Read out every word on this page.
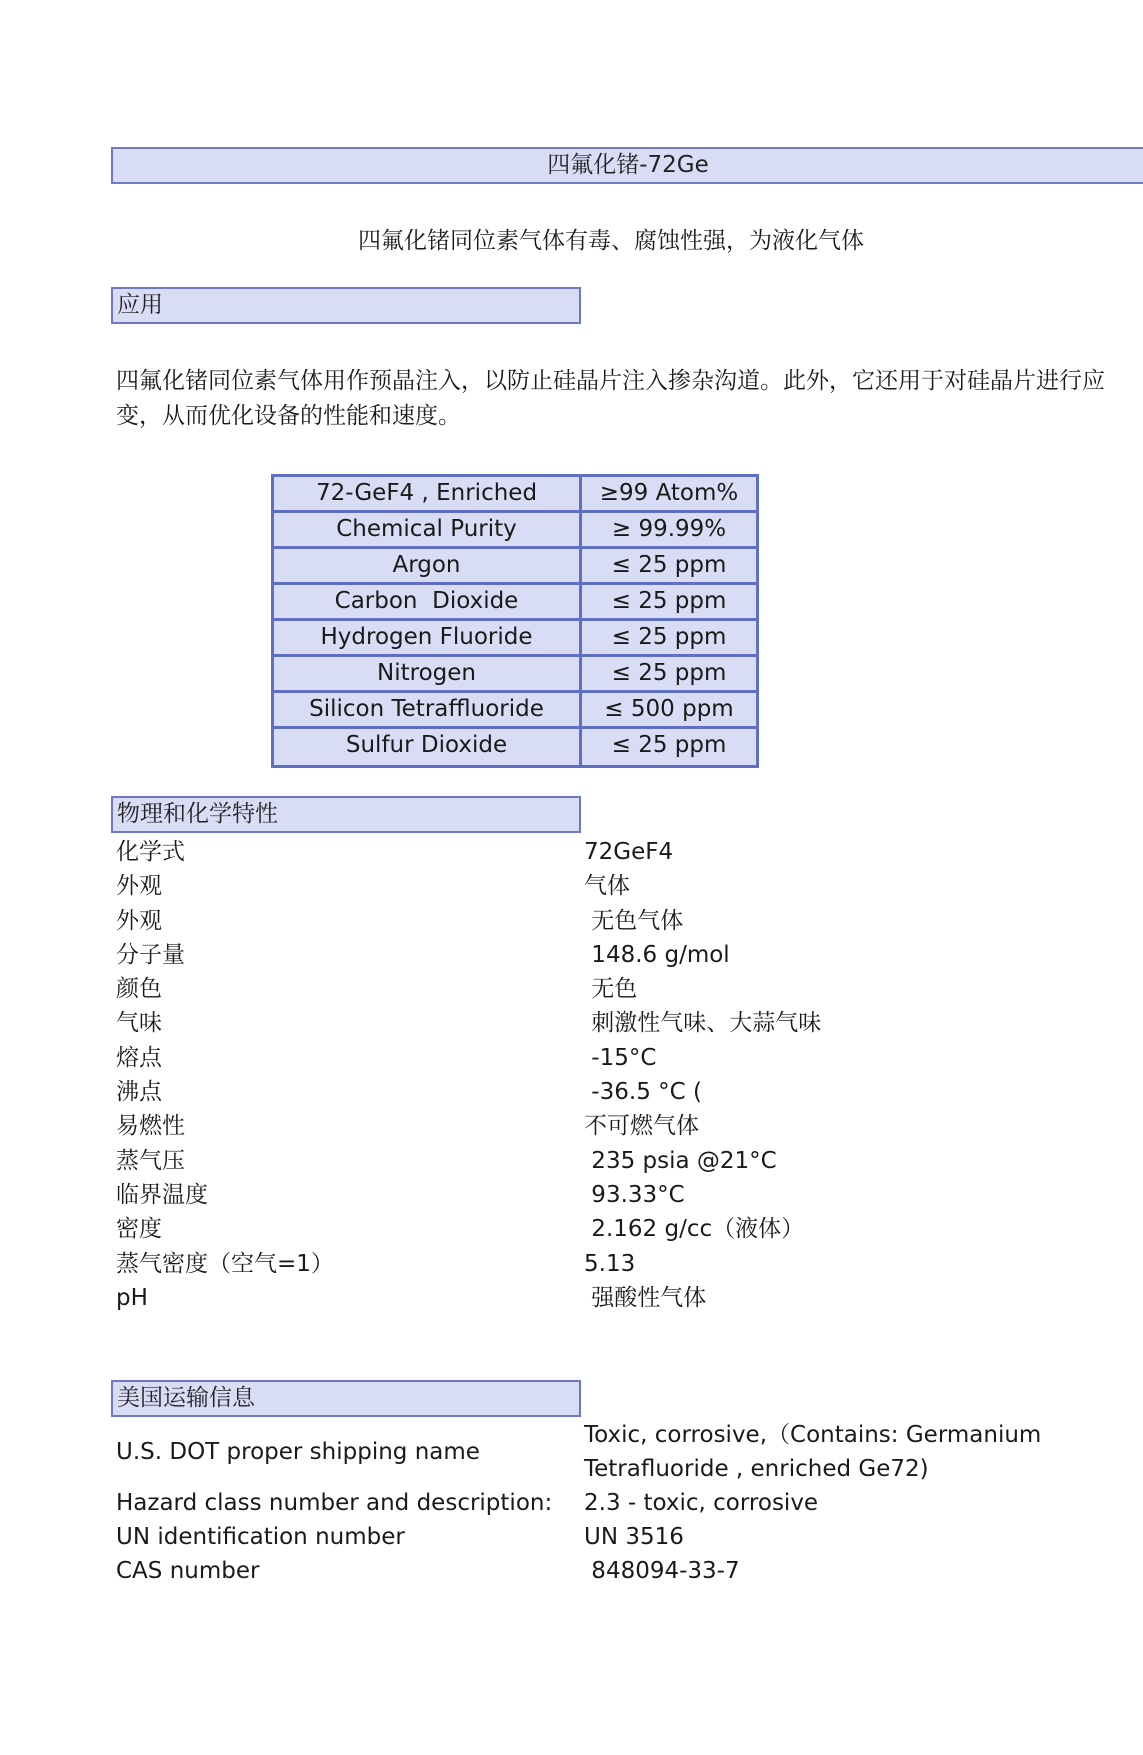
四氟化锗-72Ge
四氟化锗同位素气体有毒、腐蚀性强，为液化气体
应用
四氟化锗同位素气体用作预晶注入，以防止硅晶片注入掺杂沟道。此外，它还用于对硅晶片进行应变，从而优化设备的性能和速度。
72-GeF4 , Enriched	≥99 Atom%
Chemical Purity	≥ 99.99%
Argon	≤ 25 ppm
Carbon  Dioxide	≤ 25 ppm
Hydrogen Fluoride	≤ 25 ppm
Nitrogen	≤ 25 ppm
Silicon Tetraffluoride	≤ 500 ppm
Sulfur Dioxide	≤ 25 ppm
物理和化学特性
化学式	72GeF4
外观	气体
外观	无色气体
分子量	148.6 g/mol
颜色	无色
气味	刺激性气味、大蒜气味
熔点	-15°C
沸点	-36.5 °C (
易燃性	不可燃气体
蒸气压	235 psia @21°C
临界温度	93.33°C
密度	2.162 g/cc（液体）
蒸气密度（空气=1）	5.13
pH	强酸性气体
美国运输信息
U.S. DOT proper shipping name
Toxic, corrosive,（Contains: Germanium
Tetrafluoride , enriched Ge72)
Hazard class number and description:	2.3 - toxic, corrosive
UN identification number	UN 3516
CAS number	848094-33-7
